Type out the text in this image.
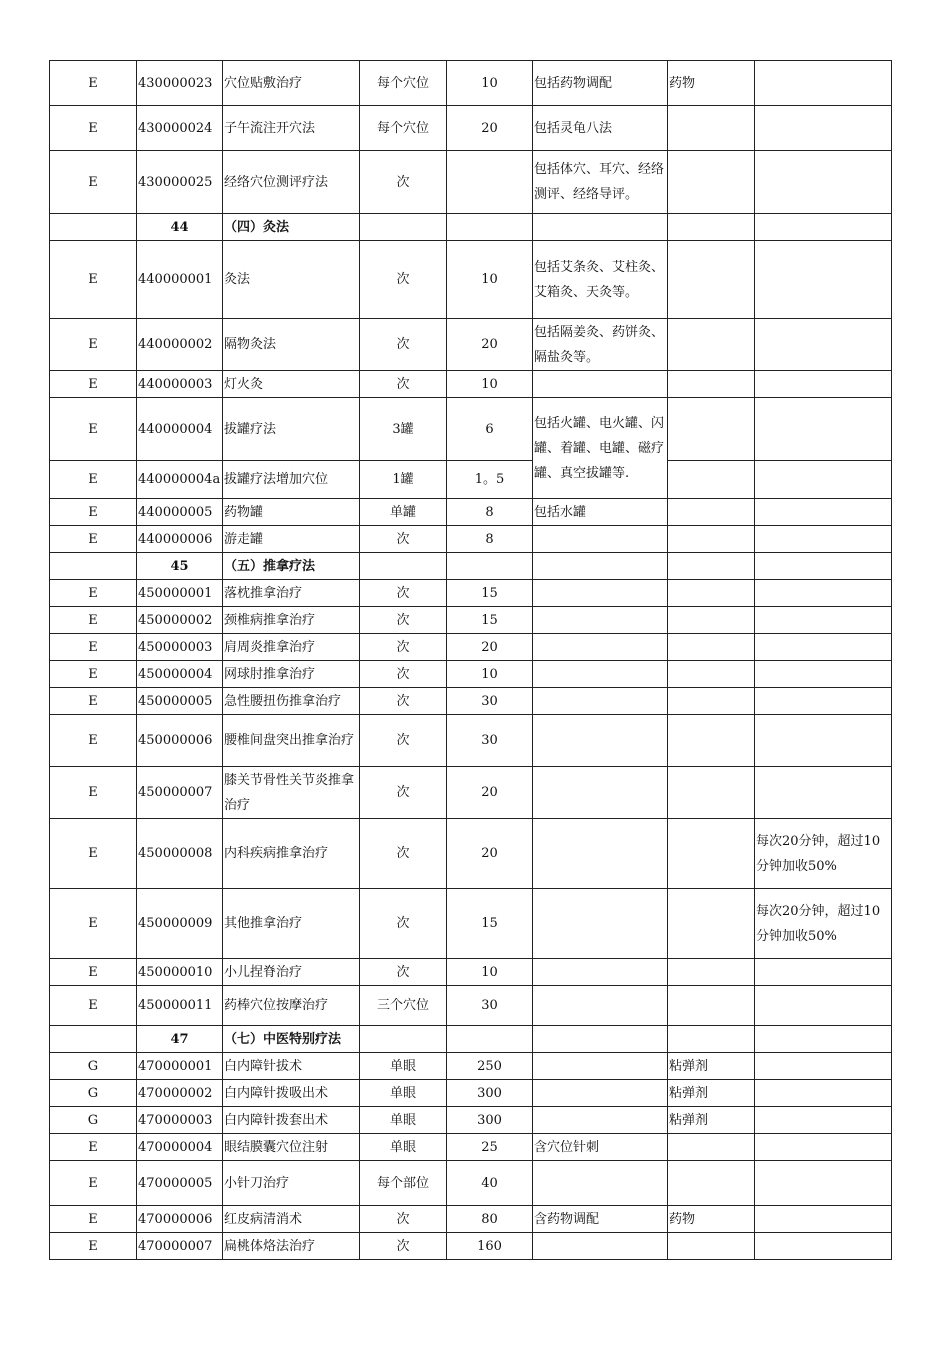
E	430000023	穴位贴敷治疗	每个穴位	10	包括药物调配	药物	
E	430000024	子午流注开穴法	每个穴位	20	包括灵龟八法		
E	430000025	经络穴位测评疗法	次		包括体穴、耳穴、经络测评、经络导评。		
	44	（四）灸法					
E	440000001	灸法	次	10	包括艾条灸、艾柱灸、艾箱灸、天灸等。		
E	440000002	隔物灸法	次	20	包括隔姜灸、药饼灸、隔盐灸等。		
E	440000003	灯火灸	次	10			
E	440000004	拔罐疗法	3罐	6	包括火罐、电火罐、闪罐、着罐、电罐、磁疗罐、真空拔罐等.		
E	440000004a	拔罐疗法增加穴位	1罐	1。5			
E	440000005	药物罐	单罐	8	包括水罐		
E	440000006	游走罐	次	8			
	45	（五）推拿疗法					
E	450000001	落枕推拿治疗	次	15			
E	450000002	颈椎病推拿治疗	次	15			
E	450000003	肩周炎推拿治疗	次	20			
E	450000004	网球肘推拿治疗	次	10			
E	450000005	急性腰扭伤推拿治疗	次	30			
E	450000006	腰椎间盘突出推拿治疗	次	30			
E	450000007	膝关节骨性关节炎推拿治疗	次	20			
E	450000008	内科疾病推拿治疗	次	20			每次20分钟，超过10分钟加收50%
E	450000009	其他推拿治疗	次	15			每次20分钟，超过10分钟加收50%
E	450000010	小儿捏脊治疗	次	10			
E	450000011	药棒穴位按摩治疗	三个穴位	30			
	47	（七）中医特别疗法					
G	470000001	白内障针拔术	单眼	250		粘弹剂	
G	470000002	白内障针拨吸出术	单眼	300		粘弹剂	
G	470000003	白内障针拨套出术	单眼	300		粘弹剂	
E	470000004	眼结膜囊穴位注射	单眼	25	含穴位针刺		
E	470000005	小针刀治疗	每个部位	40			
E	470000006	红皮病清消术	次	80	含药物调配	药物	
E	470000007	扁桃体烙法治疗	次	160			
